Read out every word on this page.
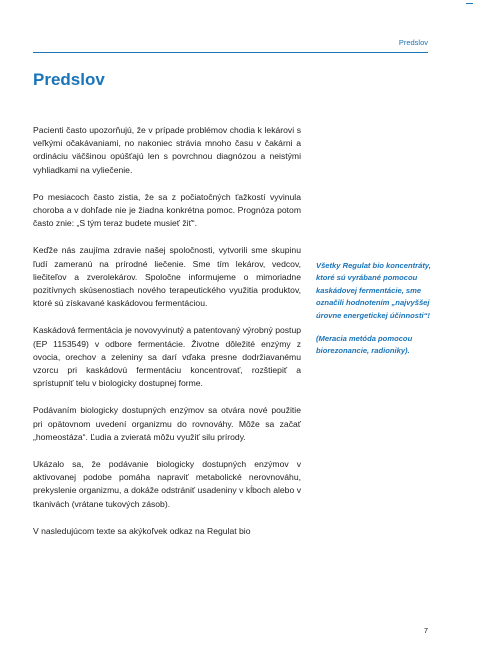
Predslov
Predslov

Pacienti často upozorňujú, že v prípade problémov chodia k lekárovi s veľkými očakávaniami, no nakoniec strávia mnoho času v čakárni a ordináciu väčšinou opúšťajú len s povrchnou diagnózou a neistými vyhliadkami na vyliečenie.

Po mesiacoch často zistia, že sa z počiatočných ťažkostí vyvinula choroba a v dohľade nie je žiadna konkrétna pomoc. Prognóza potom často znie: „S tým teraz budete musieť žiť“.

Keďže nás zaujíma zdravie našej spoločnosti, vytvorili sme skupinu ľudí zameranú na prírodné liečenie. Sme tím lekárov, vedcov, liečiteľov a zverolekárov. Spoločne informujeme o mimoriadne pozitívnych skúsenostiach nového terapeutického využitia produktov, ktoré sú získavané kaskádovou fermentáciou.

Kaskádová fermentácia je novovyvinutý a patentovaný výrobný postup (EP 1153549) v odbore fermentácie. Životne dôležité enzýmy z ovocia, orechov a zeleniny sa darí vďaka presne dodržiavanému vzorcu pri kaskádovú fermentáciu koncentrovať, rozštiepiť a sprístupniť telu v biologicky dostupnej forme.

Podávaním biologicky dostupných enzýmov sa otvára nové použitie pri opätovnom uvedení organizmu do rovnováhy. Môže sa začať „homeostáza“. Ľudia a zvieratá môžu využiť silu prírody.

Ukázalo sa, že podávanie biologicky dostupných enzýmov v aktivovanej podobe pomáha napraviť metabolické nerovnováhu, prekyslenie organizmu, a dokáže odstrániť usadeniny v kĺboch alebo v tkanivách (vrátane tukových zásob).

V nasledujúcom texte sa akýkoľvek odkaz na Regulat bio

Všetky Regulat bio koncentráty, ktoré sú vyrábané pomocou kaskádovej fermentácie, sme označili hodnotením „najvyššej úrovne energetickej účinnosti“!

(Meracia metóda pomocou biorezonancie, radioniky).

7
